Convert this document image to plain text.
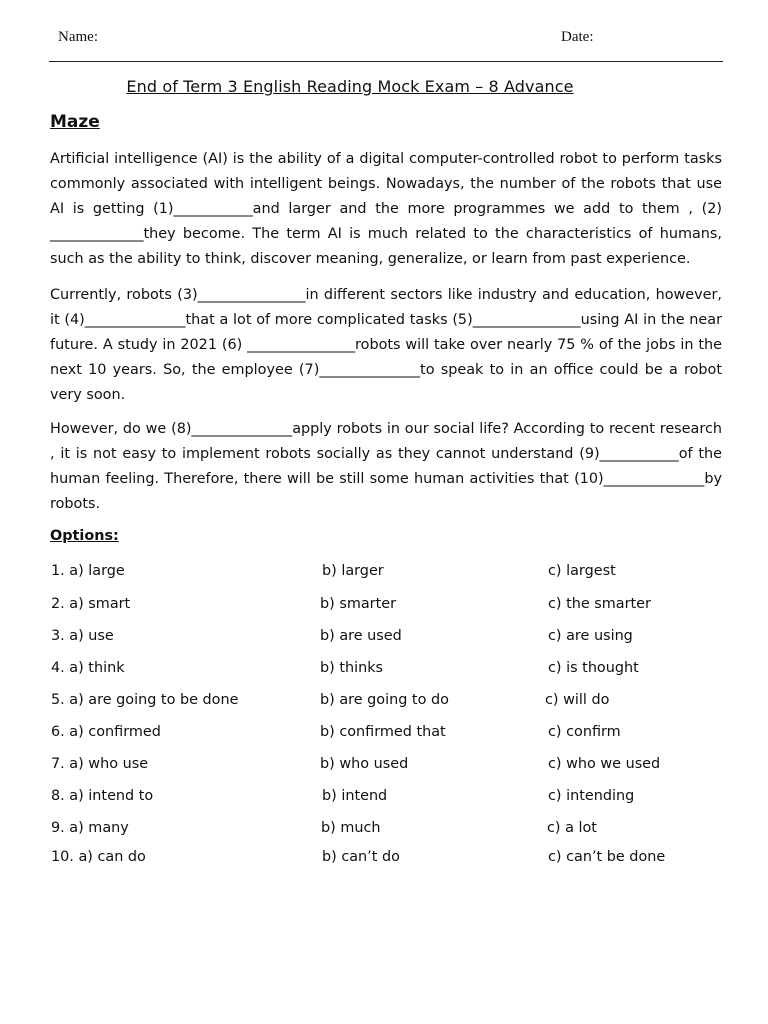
Name:	Date:
End of Term 3 English Reading Mock Exam – 8 Advance
Maze
Artificial intelligence (AI) is the ability of a digital computer-controlled robot to perform tasks commonly associated with intelligent beings. Nowadays, the number of the robots that use AI is getting (1)___________and larger and the more programmes we add to them , (2) _____________they become. The term AI is much related to the characteristics of humans, such as the ability to think, discover meaning, generalize, or learn from past experience.
Currently, robots (3)_______________in different sectors like industry and education, however, it (4)______________that a lot of more complicated tasks (5)_______________using AI in the near future. A study in 2021 (6) _______________robots will take over nearly 75 % of the jobs in the next 10 years. So, the employee (7)______________to speak to in an office could be a robot very soon.
However, do we (8)______________apply robots in our social life? According to recent research , it is not easy to implement robots socially as they cannot understand (9)___________of the human feeling. Therefore, there will be still some human activities that (10)______________by robots.
Options:
1. a) large	b) larger	c) largest
2. a) smart	b) smarter	c) the smarter
3. a) use	b) are used	c) are using
4. a) think	b) thinks	c) is thought
5. a) are going to be done	b) are going to do	c) will do
6. a) confirmed	b) confirmed that	c) confirm
7. a) who use	b) who used	c) who we used
8. a) intend to	b) intend	c) intending
9. a) many	b) much	c) a lot
10. a) can do	b) can’t do	c) can’t be done
